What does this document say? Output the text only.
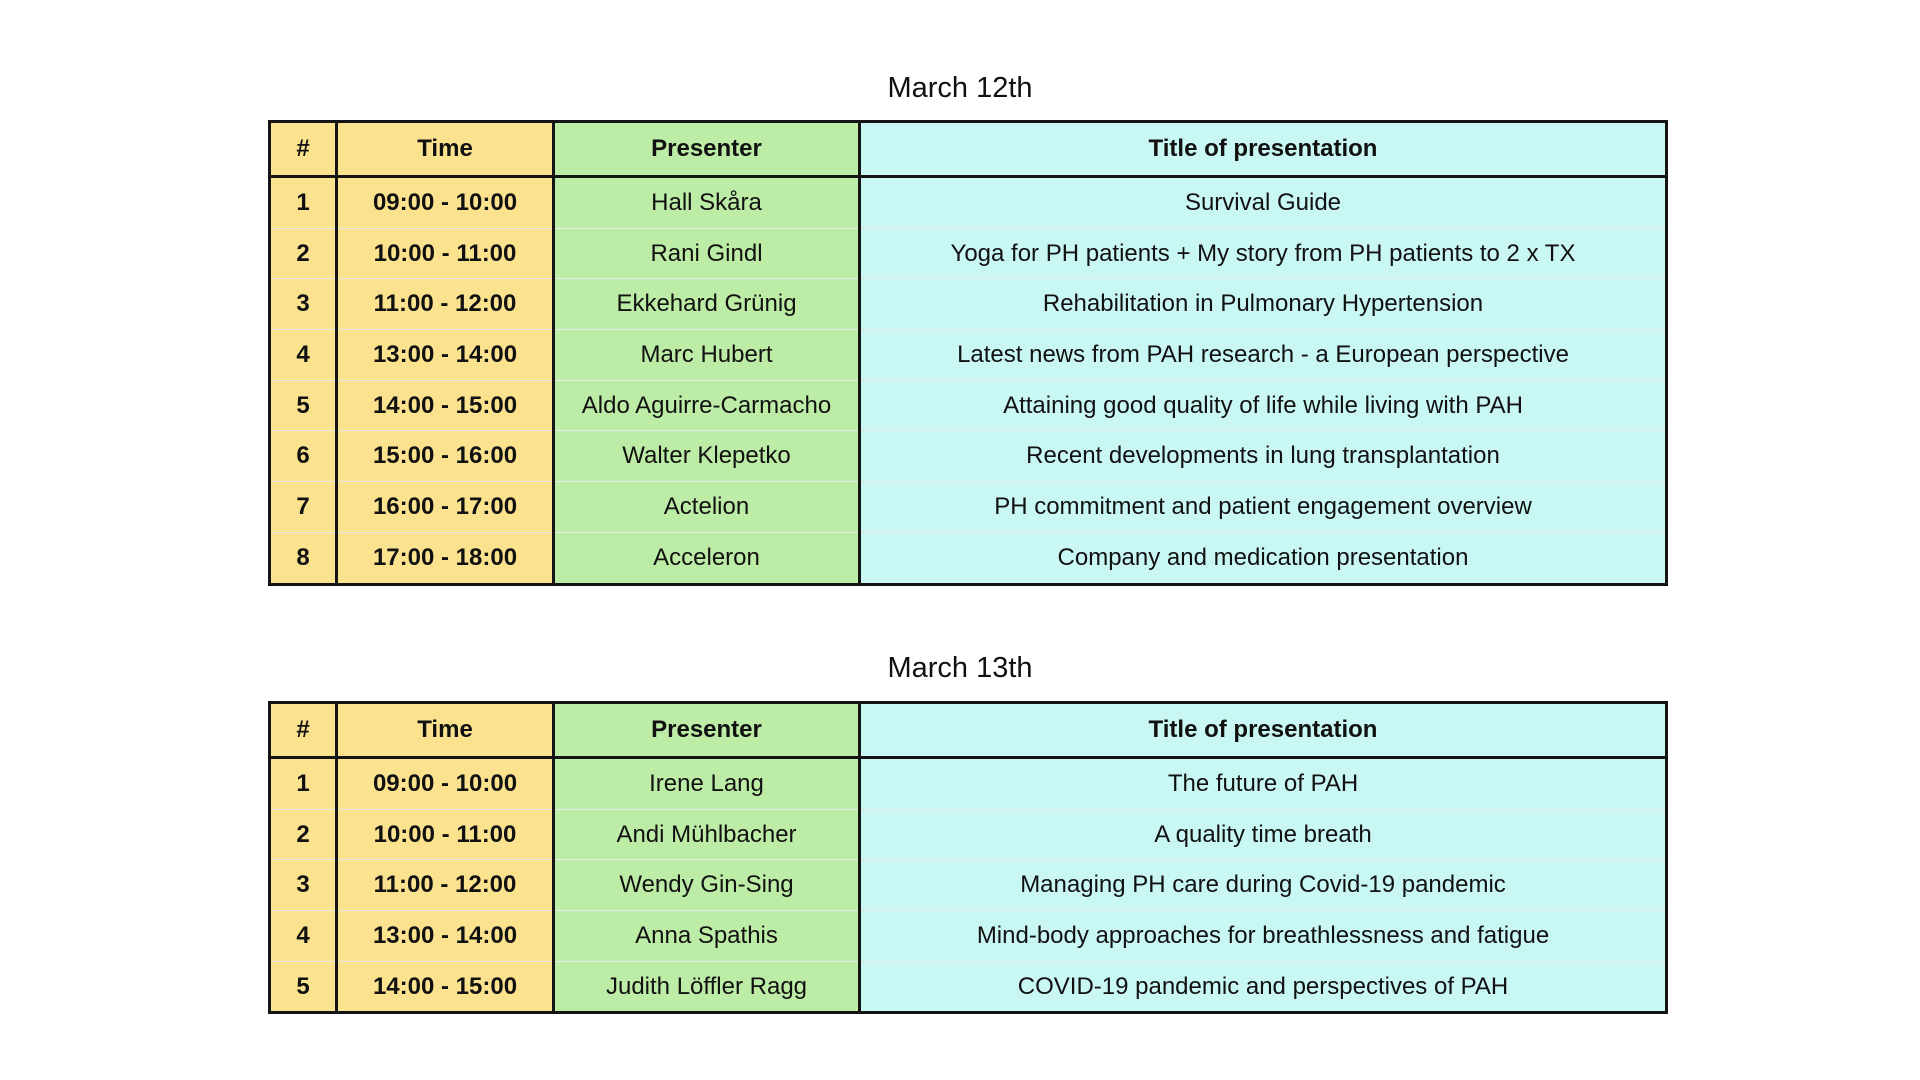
March 12th
#	Time	Presenter	Title of presentation
1	09:00 - 10:00	Hall Skåra	Survival Guide
2	10:00 - 11:00	Rani Gindl	Yoga for PH patients + My story from PH patients to 2 x TX
3	11:00 - 12:00	Ekkehard Grünig	Rehabilitation in Pulmonary Hypertension
4	13:00 - 14:00	Marc Hubert	Latest news from PAH research - a European perspective
5	14:00 - 15:00	Aldo Aguirre-Carmacho	Attaining good quality of life while living with PAH
6	15:00 - 16:00	Walter Klepetko	Recent developments in lung transplantation
7	16:00 - 17:00	Actelion	PH commitment and patient engagement overview
8	17:00 - 18:00	Acceleron	Company and medication presentation
March 13th
#	Time	Presenter	Title of presentation
1	09:00 - 10:00	Irene Lang	The future of PAH
2	10:00 - 11:00	Andi Mühlbacher	A quality time breath
3	11:00 - 12:00	Wendy Gin-Sing	Managing PH care during Covid-19 pandemic
4	13:00 - 14:00	Anna Spathis	Mind-body approaches for breathlessness and fatigue
5	14:00 - 15:00	Judith Löffler Ragg	COVID-19 pandemic and perspectives of PAH
